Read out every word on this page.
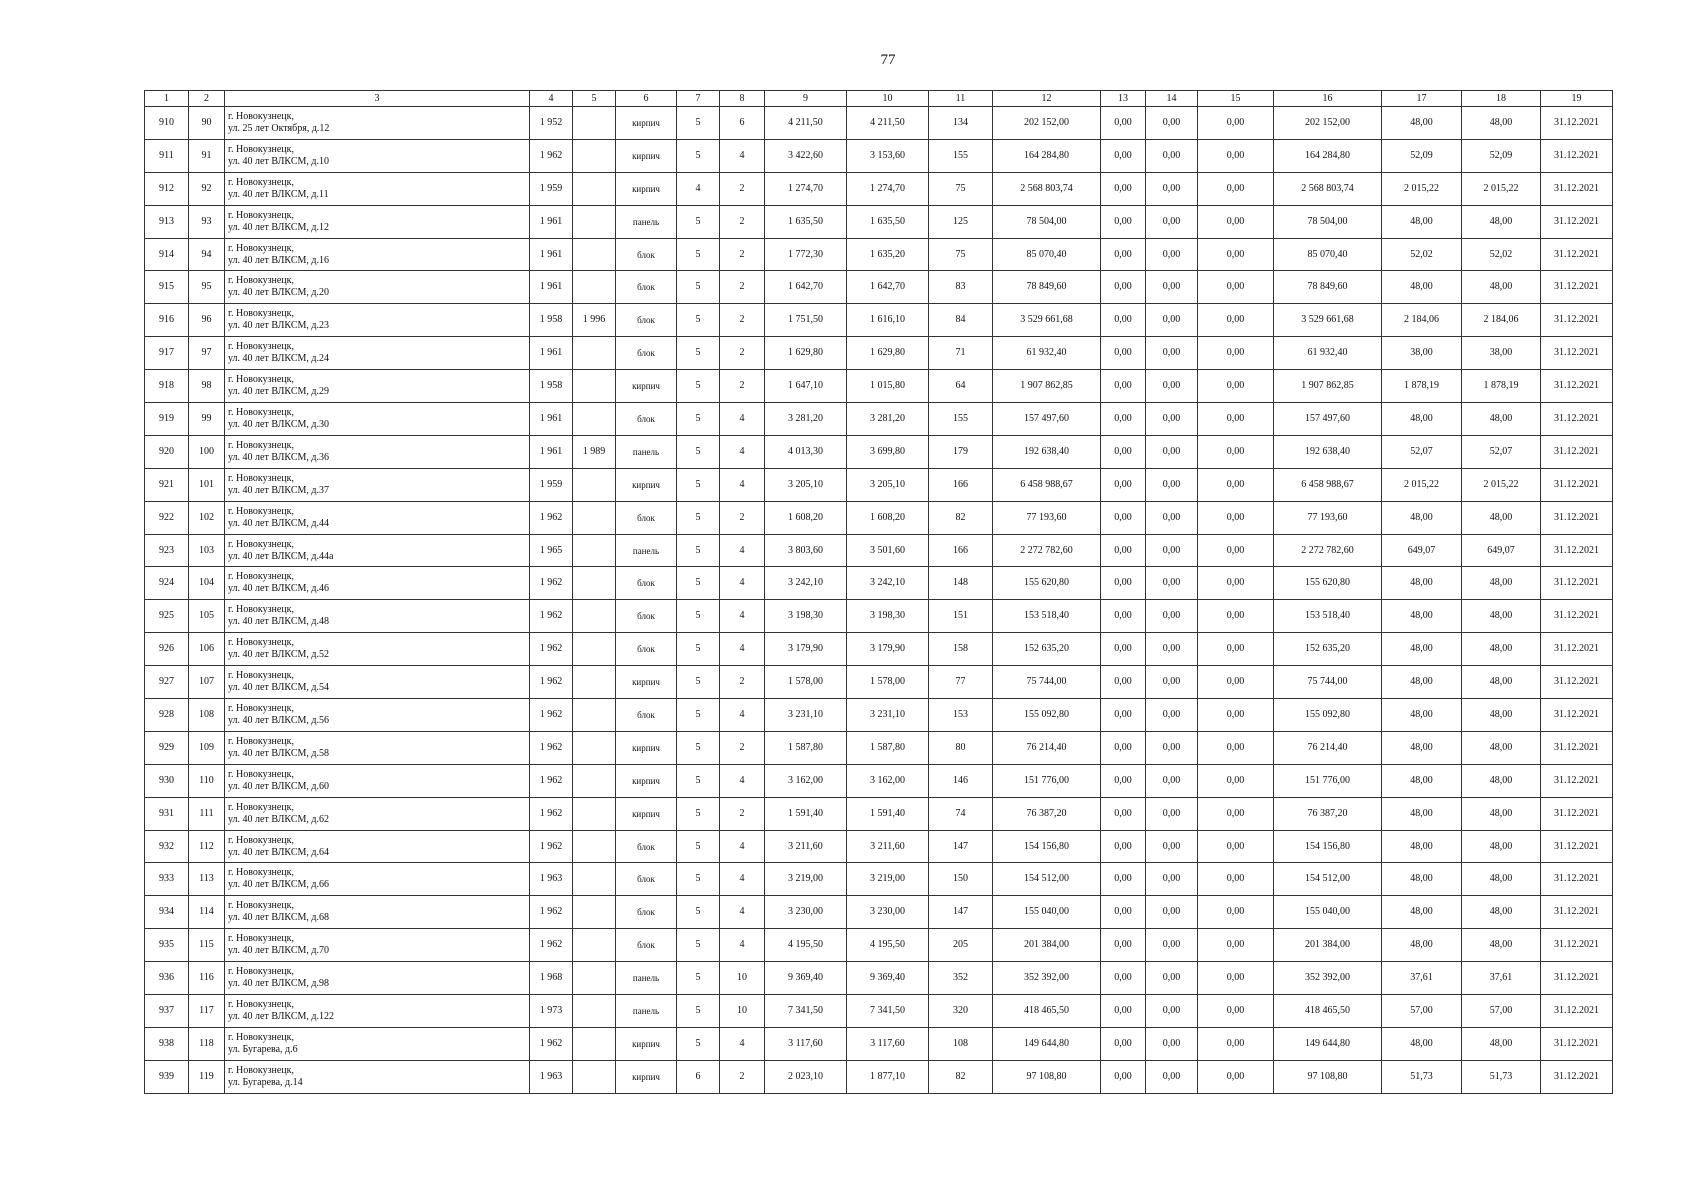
77
1	2	3	4	5	6	7	8	9	10	11	12	13	14	15	16	17	18	19
910	90	г. Новокузнецк,
ул. 25 лет Октября, д.12	1 952		кирпич	5	6	4 211,50	4 211,50	134	202 152,00	0,00	0,00	0,00	202 152,00	48,00	48,00	31.12.2021
911	91	г. Новокузнецк,
ул. 40 лет ВЛКСМ, д.10	1 962		кирпич	5	4	3 422,60	3 153,60	155	164 284,80	0,00	0,00	0,00	164 284,80	52,09	52,09	31.12.2021
912	92	г. Новокузнецк,
ул. 40 лет ВЛКСМ, д.11	1 959		кирпич	4	2	1 274,70	1 274,70	75	2 568 803,74	0,00	0,00	0,00	2 568 803,74	2 015,22	2 015,22	31.12.2021
913	93	г. Новокузнецк,
ул. 40 лет ВЛКСМ, д.12	1 961		панель	5	2	1 635,50	1 635,50	125	78 504,00	0,00	0,00	0,00	78 504,00	48,00	48,00	31.12.2021
914	94	г. Новокузнецк,
ул. 40 лет ВЛКСМ, д.16	1 961		блок	5	2	1 772,30	1 635,20	75	85 070,40	0,00	0,00	0,00	85 070,40	52,02	52,02	31.12.2021
915	95	г. Новокузнецк,
ул. 40 лет ВЛКСМ, д.20	1 961		блок	5	2	1 642,70	1 642,70	83	78 849,60	0,00	0,00	0,00	78 849,60	48,00	48,00	31.12.2021
916	96	г. Новокузнецк,
ул. 40 лет ВЛКСМ, д.23	1 958	1 996	блок	5	2	1 751,50	1 616,10	84	3 529 661,68	0,00	0,00	0,00	3 529 661,68	2 184,06	2 184,06	31.12.2021
917	97	г. Новокузнецк,
ул. 40 лет ВЛКСМ, д.24	1 961		блок	5	2	1 629,80	1 629,80	71	61 932,40	0,00	0,00	0,00	61 932,40	38,00	38,00	31.12.2021
918	98	г. Новокузнецк,
ул. 40 лет ВЛКСМ, д.29	1 958		кирпич	5	2	1 647,10	1 015,80	64	1 907 862,85	0,00	0,00	0,00	1 907 862,85	1 878,19	1 878,19	31.12.2021
919	99	г. Новокузнецк,
ул. 40 лет ВЛКСМ, д.30	1 961		блок	5	4	3 281,20	3 281,20	155	157 497,60	0,00	0,00	0,00	157 497,60	48,00	48,00	31.12.2021
920	100	г. Новокузнецк,
ул. 40 лет ВЛКСМ, д.36	1 961	1 989	панель	5	4	4 013,30	3 699,80	179	192 638,40	0,00	0,00	0,00	192 638,40	52,07	52,07	31.12.2021
921	101	г. Новокузнецк,
ул. 40 лет ВЛКСМ, д.37	1 959		кирпич	5	4	3 205,10	3 205,10	166	6 458 988,67	0,00	0,00	0,00	6 458 988,67	2 015,22	2 015,22	31.12.2021
922	102	г. Новокузнецк,
ул. 40 лет ВЛКСМ, д.44	1 962		блок	5	2	1 608,20	1 608,20	82	77 193,60	0,00	0,00	0,00	77 193,60	48,00	48,00	31.12.2021
923	103	г. Новокузнецк,
ул. 40 лет ВЛКСМ, д.44а	1 965		панель	5	4	3 803,60	3 501,60	166	2 272 782,60	0,00	0,00	0,00	2 272 782,60	649,07	649,07	31.12.2021
924	104	г. Новокузнецк,
ул. 40 лет ВЛКСМ, д.46	1 962		блок	5	4	3 242,10	3 242,10	148	155 620,80	0,00	0,00	0,00	155 620,80	48,00	48,00	31.12.2021
925	105	г. Новокузнецк,
ул. 40 лет ВЛКСМ, д.48	1 962		блок	5	4	3 198,30	3 198,30	151	153 518,40	0,00	0,00	0,00	153 518,40	48,00	48,00	31.12.2021
926	106	г. Новокузнецк,
ул. 40 лет ВЛКСМ, д.52	1 962		блок	5	4	3 179,90	3 179,90	158	152 635,20	0,00	0,00	0,00	152 635,20	48,00	48,00	31.12.2021
927	107	г. Новокузнецк,
ул. 40 лет ВЛКСМ, д.54	1 962		кирпич	5	2	1 578,00	1 578,00	77	75 744,00	0,00	0,00	0,00	75 744,00	48,00	48,00	31.12.2021
928	108	г. Новокузнецк,
ул. 40 лет ВЛКСМ, д.56	1 962		блок	5	4	3 231,10	3 231,10	153	155 092,80	0,00	0,00	0,00	155 092,80	48,00	48,00	31.12.2021
929	109	г. Новокузнецк,
ул. 40 лет ВЛКСМ, д.58	1 962		кирпич	5	2	1 587,80	1 587,80	80	76 214,40	0,00	0,00	0,00	76 214,40	48,00	48,00	31.12.2021
930	110	г. Новокузнецк,
ул. 40 лет ВЛКСМ, д.60	1 962		кирпич	5	4	3 162,00	3 162,00	146	151 776,00	0,00	0,00	0,00	151 776,00	48,00	48,00	31.12.2021
931	111	г. Новокузнецк,
ул. 40 лет ВЛКСМ, д.62	1 962		кирпич	5	2	1 591,40	1 591,40	74	76 387,20	0,00	0,00	0,00	76 387,20	48,00	48,00	31.12.2021
932	112	г. Новокузнецк,
ул. 40 лет ВЛКСМ, д.64	1 962		блок	5	4	3 211,60	3 211,60	147	154 156,80	0,00	0,00	0,00	154 156,80	48,00	48,00	31.12.2021
933	113	г. Новокузнецк,
ул. 40 лет ВЛКСМ, д.66	1 963		блок	5	4	3 219,00	3 219,00	150	154 512,00	0,00	0,00	0,00	154 512,00	48,00	48,00	31.12.2021
934	114	г. Новокузнецк,
ул. 40 лет ВЛКСМ, д.68	1 962		блок	5	4	3 230,00	3 230,00	147	155 040,00	0,00	0,00	0,00	155 040,00	48,00	48,00	31.12.2021
935	115	г. Новокузнецк,
ул. 40 лет ВЛКСМ, д.70	1 962		блок	5	4	4 195,50	4 195,50	205	201 384,00	0,00	0,00	0,00	201 384,00	48,00	48,00	31.12.2021
936	116	г. Новокузнецк,
ул. 40 лет ВЛКСМ, д.98	1 968		панель	5	10	9 369,40	9 369,40	352	352 392,00	0,00	0,00	0,00	352 392,00	37,61	37,61	31.12.2021
937	117	г. Новокузнецк,
ул. 40 лет ВЛКСМ, д.122	1 973		панель	5	10	7 341,50	7 341,50	320	418 465,50	0,00	0,00	0,00	418 465,50	57,00	57,00	31.12.2021
938	118	г. Новокузнецк,
ул. Бугарева, д.6	1 962		кирпич	5	4	3 117,60	3 117,60	108	149 644,80	0,00	0,00	0,00	149 644,80	48,00	48,00	31.12.2021
939	119	г. Новокузнецк,
ул. Бугарева, д.14	1 963		кирпич	6	2	2 023,10	1 877,10	82	97 108,80	0,00	0,00	0,00	97 108,80	51,73	51,73	31.12.2021
